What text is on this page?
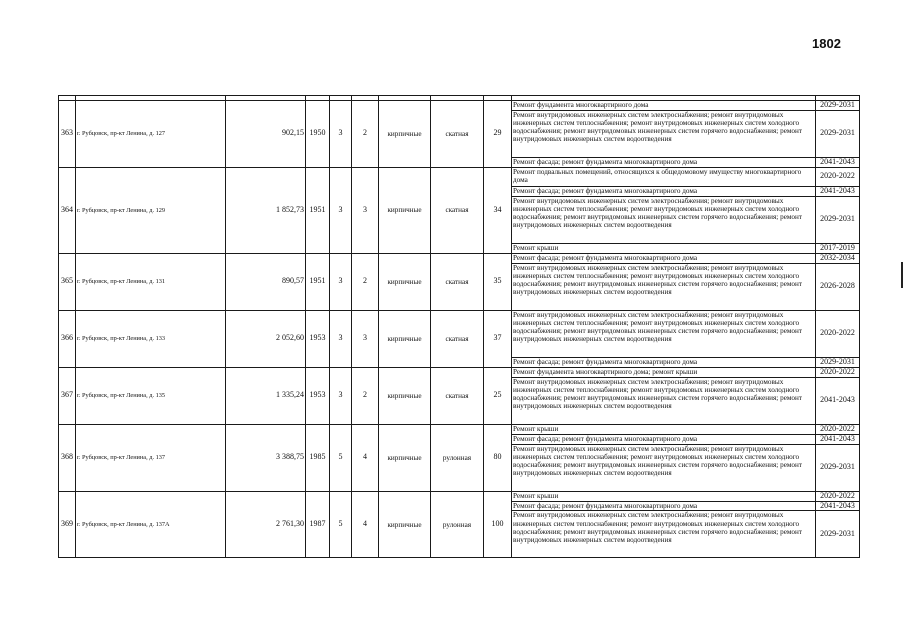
1802

363	г. Рубцовск, пр-кт Ленина, д. 127	902,15	1950	3	2	кирпичные	скатная	29	Ремонт фундамента многоквартирного дома	2029-2031
									Ремонт внутридомовых инженерных систем электроснабжения; ремонт внутридомовых инженерных систем теплоснабжения; ремонт внутридомовых инженерных систем холодного водоснабжения; ремонт внутридомовых инженерных систем горячего водоснабжения; ремонт внутридомовых инженерных систем водоотведения	2029-2031
									Ремонт фасада; ремонт фундамента многоквартирного дома	2041-2043
364	г. Рубцовск, пр-кт Ленина, д. 129	1 852,73	1951	3	3	кирпичные	скатная	34	Ремонт подвальных помещений, относящихся к общедомовому имуществу многоквартирного дома	2020-2022
									Ремонт фасада; ремонт фундамента многоквартирного дома	2041-2043
									Ремонт внутридомовых инженерных систем электроснабжения; ремонт внутридомовых инженерных систем теплоснабжения; ремонт внутридомовых инженерных систем холодного водоснабжения; ремонт внутридомовых инженерных систем горячего водоснабжения; ремонт внутридомовых инженерных систем водоотведения	2029-2031
									Ремонт крыши	2017-2019
365	г. Рубцовск, пр-кт Ленина, д. 131	890,57	1951	3	2	кирпичные	скатная	35	Ремонт фасада; ремонт фундамента многоквартирного дома	2032-2034
									Ремонт внутридомовых инженерных систем электроснабжения; ремонт внутридомовых инженерных систем теплоснабжения; ремонт внутридомовых инженерных систем холодного водоснабжения; ремонт внутридомовых инженерных систем горячего водоснабжения; ремонт внутридомовых инженерных систем водоотведения	2026-2028
366	г. Рубцовск, пр-кт Ленина, д. 133	2 052,60	1953	3	3	кирпичные	скатная	37	Ремонт внутридомовых инженерных систем электроснабжения; ремонт внутридомовых инженерных систем теплоснабжения; ремонт внутридомовых инженерных систем холодного водоснабжения; ремонт внутридомовых инженерных систем горячего водоснабжения; ремонт внутридомовых инженерных систем водоотведения	2020-2022
									Ремонт фасада; ремонт фундамента многоквартирного дома	2029-2031
367	г. Рубцовск, пр-кт Ленина, д. 135	1 335,24	1953	3	2	кирпичные	скатная	25	Ремонт фундамента многоквартирного дома; ремонт крыши	2020-2022
									Ремонт внутридомовых инженерных систем электроснабжения; ремонт внутридомовых инженерных систем теплоснабжения; ремонт внутридомовых инженерных систем холодного водоснабжения; ремонт внутридомовых инженерных систем горячего водоснабжения; ремонт внутридомовых инженерных систем водоотведения	2041-2043
368	г. Рубцовск, пр-кт Ленина, д. 137	3 388,75	1985	5	4	кирпичные	рулонная	80	Ремонт крыши	2020-2022
									Ремонт фасада; ремонт фундамента многоквартирного дома	2041-2043
									Ремонт внутридомовых инженерных систем электроснабжения; ремонт внутридомовых инженерных систем теплоснабжения; ремонт внутридомовых инженерных систем холодного водоснабжения; ремонт внутридомовых инженерных систем горячего водоснабжения; ремонт внутридомовых инженерных систем водоотведения	2029-2031
369	г. Рубцовск, пр-кт Ленина, д. 137А	2 761,30	1987	5	4	кирпичные	рулонная	100	Ремонт крыши	2020-2022
									Ремонт фасада; ремонт фундамента многоквартирного дома	2041-2043
									Ремонт внутридомовых инженерных систем электроснабжения; ремонт внутридомовых инженерных систем теплоснабжения; ремонт внутридомовых инженерных систем холодного водоснабжения; ремонт внутридомовых инженерных систем горячего водоснабжения; ремонт внутридомовых инженерных систем водоотведения	2029-2031
